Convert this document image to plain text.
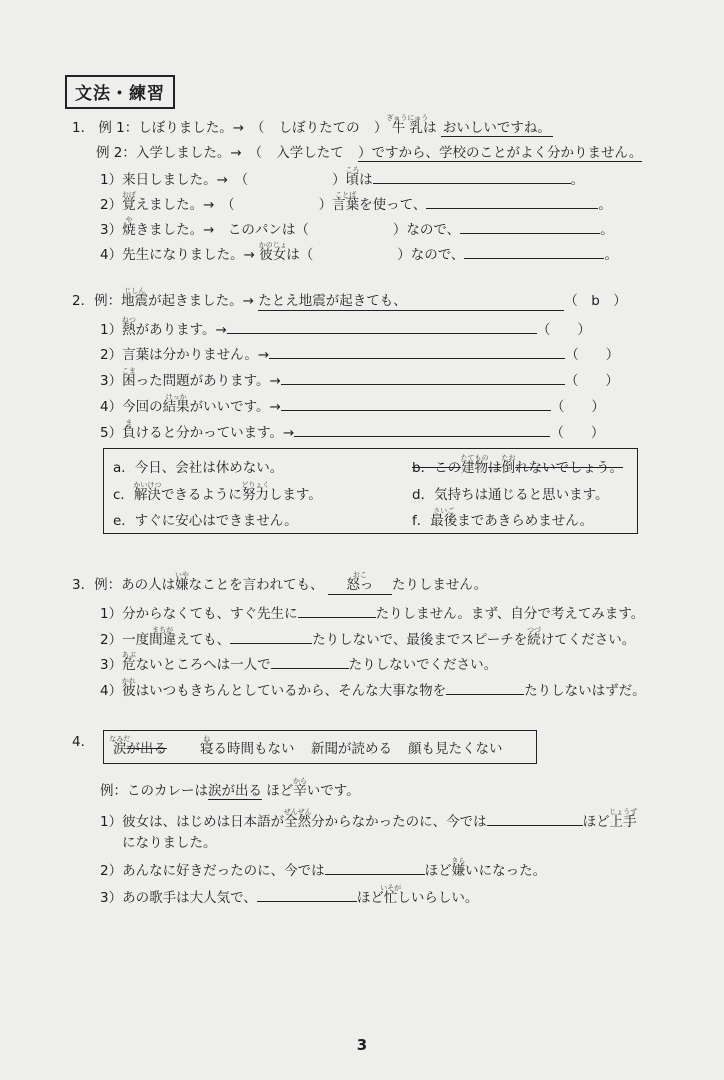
文法・練習
1． 例 1：しぼりました。→　（ しぼりたての ）
ぎゅうにゅう
牛 乳は おいしいですね。
例 2：入学しました。→　（ 入学したて ）ですから、学校のことがよく分かりません。
1）来日しました。→　（	）
ころ
頃は	。
2）
おぼ
覚えました。→　（	）
ことば
言葉を使って、	。
3）
や
焼きました。→　このパンは（	）なので、	。
4）先生になりました。→
かのじょ
彼女は（	）なので、	。
2．例：
じしん
地震が起きました。→ たとえ地震が起きても、	（　b　）
1）
ねつ
熱があります。→	（　　）
2）言葉は分かりません。→	（　　）
3）
こま
困った問題があります。→	（　　）
4）今回の
けっか
結果がいいです。→	（　　）
5）
ま
負けると分かっています。→	（　　）
a．今日、会社は休めない。	b．この
たてもの
建物は
たお
倒れないでしょう。
c．
かいけつ
解決できるように
どりょく
努力します。	d．気持ちは通じると思います。
e．すぐに安心はできません。	f．
さいご
最後まであきらめません。
3．例：あの人は
いや
嫌なことを言われても、
おこ
怒っ たりしません。
1）分からなくても、すぐ先生に	たりしません。まず、自分で考えてみます。
2）一度
まちが
間違えても、	たりしないで、最後までスピーチを
つづ
続けてください。
3）
あぶ
危ないところへは一人で	たりしないでください。
4）
かれ
彼はいつもきちんとしているから、そんな大事な物を	たりしないはずだ。
4． なみだ
涙が出る
ね
寝る時間もない 新聞が読める 顔も見たくない
例：このカレーは涙が出る ほど
から
辛いです。
1）彼女は、はじめは日本語が
ぜんぜん
全然分からなかったのに、今では	ほど
じょうず
上手
になりました。
2）あんなに好きだったのに、今では	ほど
きら
嫌いになった。
3）あの歌手は大人気で、	ほど
いそが
忙しいらしい。
3
